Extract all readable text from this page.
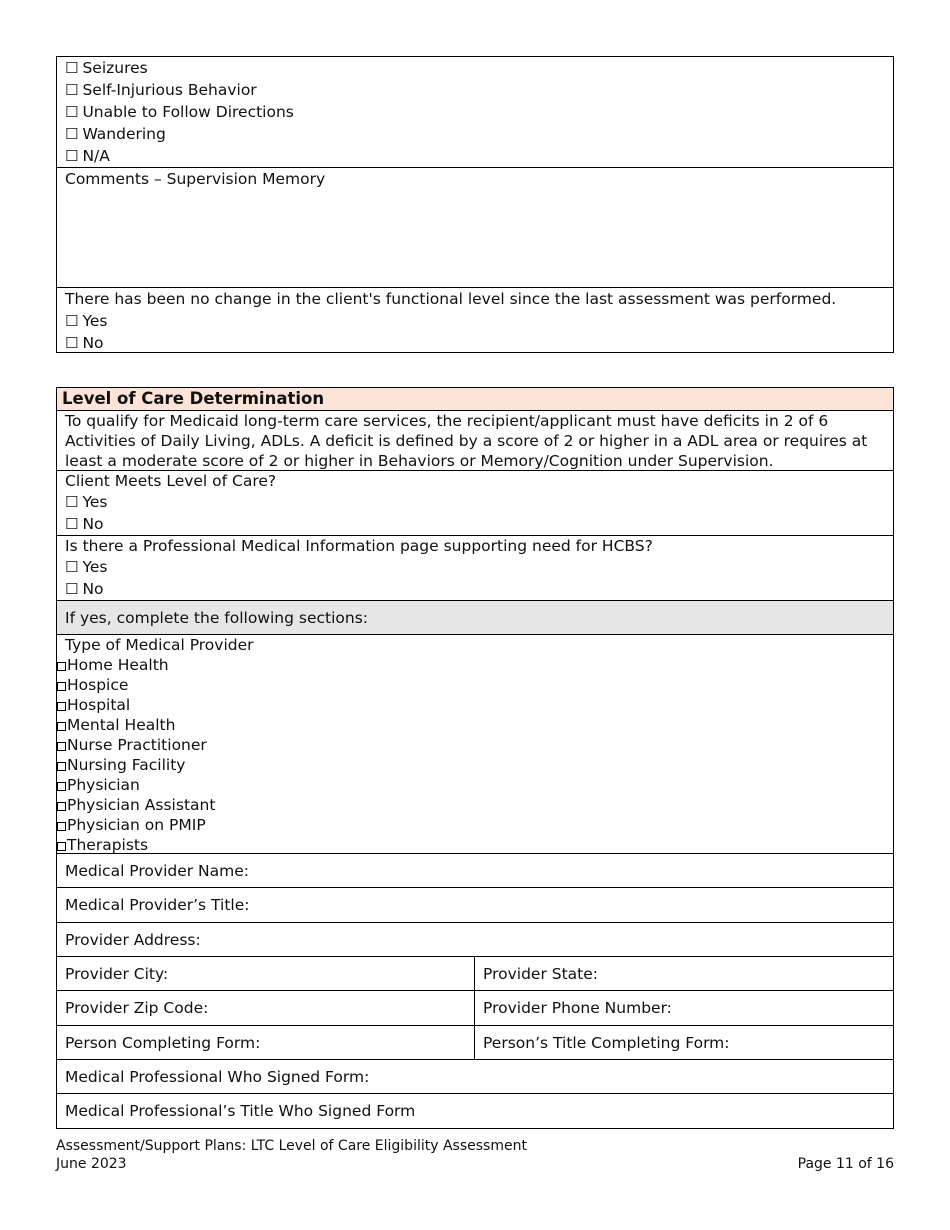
☐ Seizures
☐ Self-Injurious Behavior
☐ Unable to Follow Directions
☐ Wandering
☐ N/A
Comments – Supervision Memory
There has been no change in the client's functional level since the last assessment was performed.
☐ Yes
☐ No
Level of Care Determination
To qualify for Medicaid long-term care services, the recipient/applicant must have deficits in 2 of 6 Activities of Daily Living, ADLs. A deficit is defined by a score of 2 or higher in a ADL area or requires at least a moderate score of 2 or higher in Behaviors or Memory/Cognition under Supervision.
Client Meets Level of Care?
☐ Yes
☐ No
Is there a Professional Medical Information page supporting need for HCBS?
☐ Yes
☐ No
If yes, complete the following sections:
Type of Medical Provider
Home Health
Hospice
Hospital
Mental Health
Nurse Practitioner
Nursing Facility
Physician
Physician Assistant
Physician on PMIP
Therapists
Medical Provider Name:
Medical Provider’s Title:
Provider Address:
Provider City:	Provider State:
Provider Zip Code:	Provider Phone Number:
Person Completing Form:	Person’s Title Completing Form:
Medical Professional Who Signed Form:
Medical Professional’s Title Who Signed Form
Assessment/Support Plans: LTC Level of Care Eligibility Assessment
June 2023	Page 11 of 16
